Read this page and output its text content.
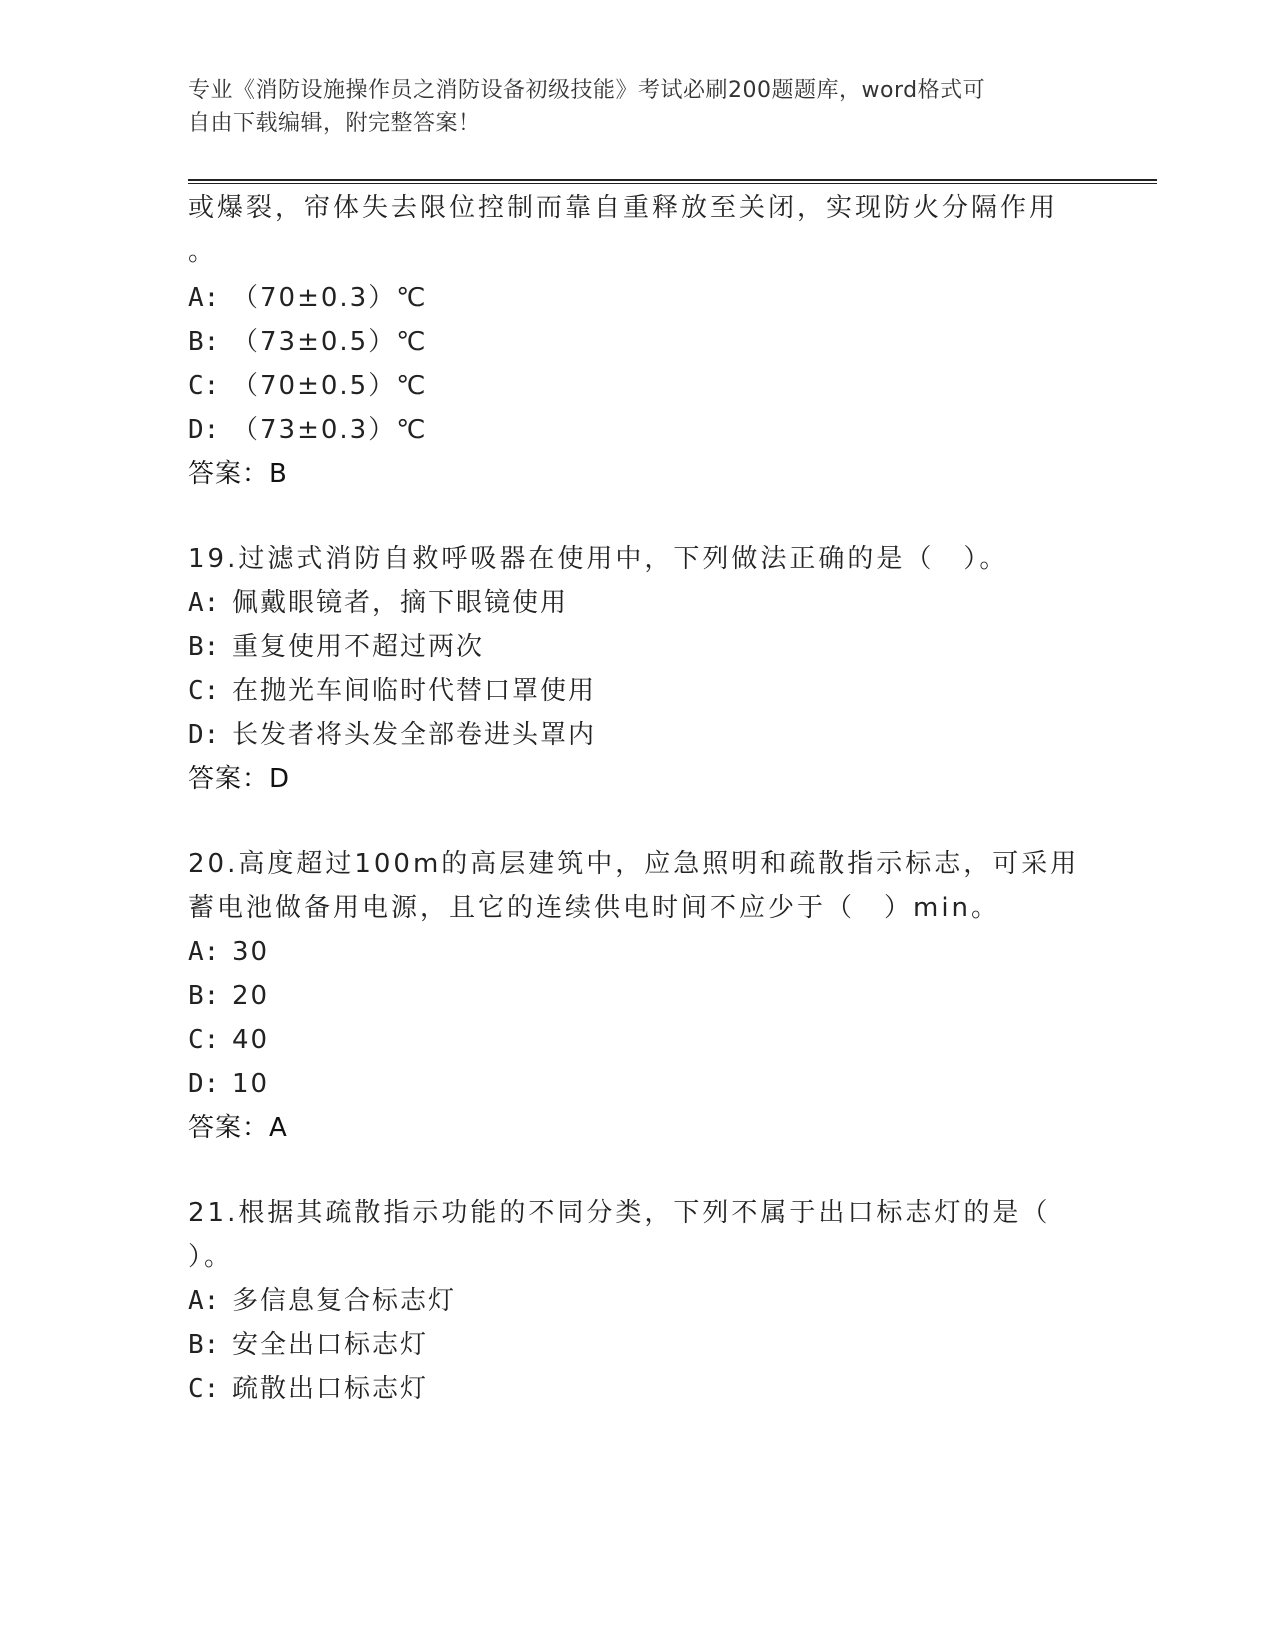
专业《消防设施操作员之消防设备初级技能》考试必刷200题题库，word格式可
自由下载编辑，附完整答案！
或爆裂，帘体失去限位控制而靠自重释放至关闭，实现防火分隔作用
。
A: （70±0.3）℃
B: （73±0.5）℃
C: （70±0.5）℃
D: （73±0.3）℃
答案：B
19.过滤式消防自救呼吸器在使用中，下列做法正确的是（　）。
A: 佩戴眼镜者，摘下眼镜使用
B: 重复使用不超过两次
C: 在抛光车间临时代替口罩使用
D: 长发者将头发全部卷进头罩内
答案：D
20.高度超过100m的高层建筑中，应急照明和疏散指示标志，可采用
蓄电池做备用电源，且它的连续供电时间不应少于（　）min。
A: 30
B: 20
C: 40
D: 10
答案：A
21.根据其疏散指示功能的不同分类，下列不属于出口标志灯的是（
）。
A: 多信息复合标志灯
B: 安全出口标志灯
C: 疏散出口标志灯
